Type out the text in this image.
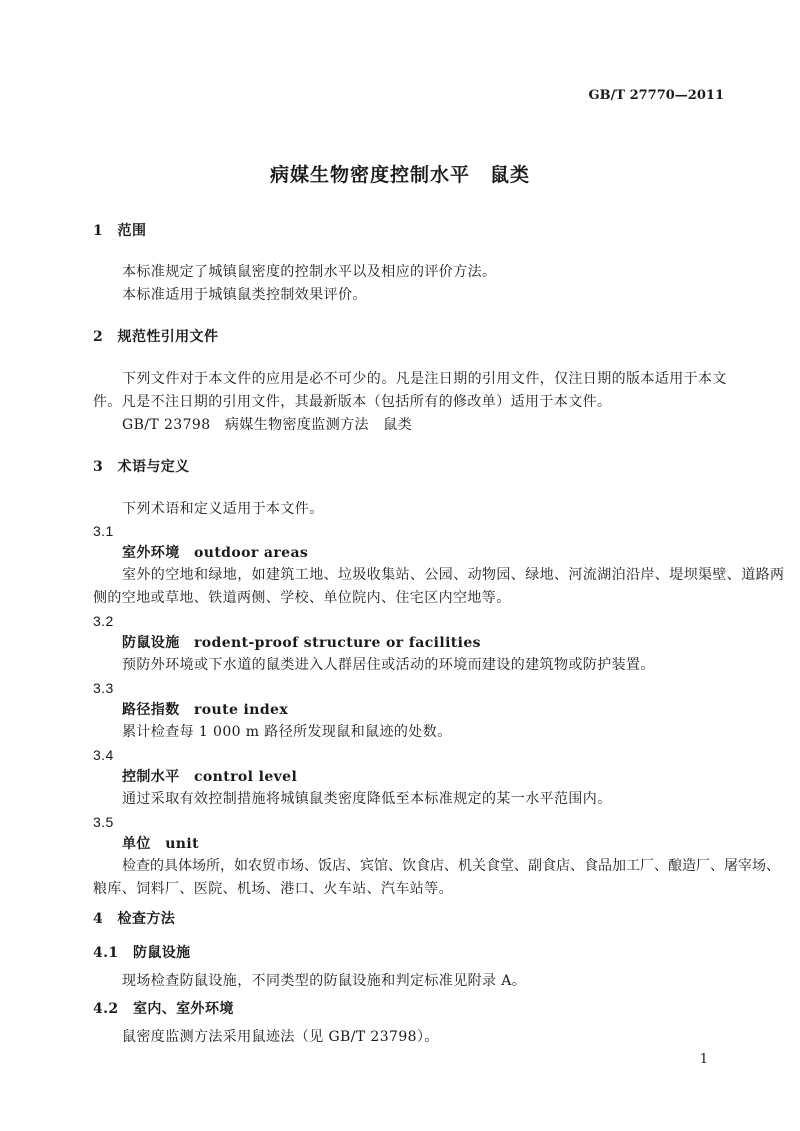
GB/T 27770—2011
病媒生物密度控制水平　鼠类
1　范围
本标准规定了城镇鼠密度的控制水平以及相应的评价方法。
本标准适用于城镇鼠类控制效果评价。
2　规范性引用文件
下列文件对于本文件的应用是必不可少的。凡是注日期的引用文件，仅注日期的版本适用于本文
件。凡是不注日期的引用文件，其最新版本（包括所有的修改单）适用于本文件。
GB/T 23798　病媒生物密度监测方法　鼠类
3　术语与定义
下列术语和定义适用于本文件。
3.1
室外环境　outdoor areas
室外的空地和绿地，如建筑工地、垃圾收集站、公园、动物园、绿地、河流湖泊沿岸、堤坝渠壁、道路两
侧的空地或草地、铁道两侧、学校、单位院内、住宅区内空地等。
3.2
防鼠设施　rodent-proof structure or facilities
预防外环境或下水道的鼠类进入人群居住或活动的环境而建设的建筑物或防护装置。
3.3
路径指数　route index
累计检查每 1 000 m 路径所发现鼠和鼠迹的处数。
3.4
控制水平　control level
通过采取有效控制措施将城镇鼠类密度降低至本标准规定的某一水平范围内。
3.5
单位　unit
检查的具体场所，如农贸市场、饭店、宾馆、饮食店、机关食堂、副食店、食品加工厂、酿造厂、屠宰场、
粮库、饲料厂、医院、机场、港口、火车站、汽车站等。
4　检查方法
4.1　防鼠设施
现场检查防鼠设施，不同类型的防鼠设施和判定标准见附录 A。
4.2　室内、室外环境
鼠密度监测方法采用鼠迹法（见 GB/T 23798）。
1
